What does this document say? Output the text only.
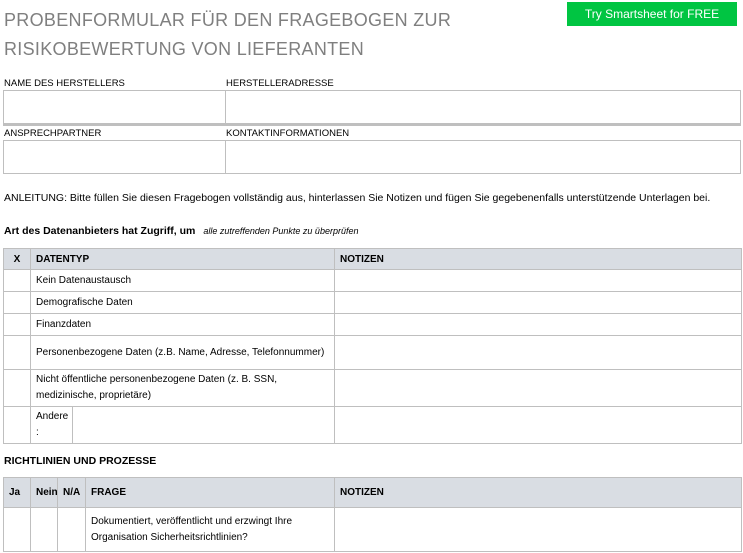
PROBENFORMULAR FÜR DEN FRAGEBOGEN ZUR RISIKOBEWERTUNG VON LIEFERANTEN
Try Smartsheet for FREE
NAME DES HERSTELLERS	HERSTELLERADRESSE
ANSPRECHPARTNER	KONTAKTINFORMATIONEN
ANLEITUNG: Bitte füllen Sie diesen Fragebogen vollständig aus, hinterlassen Sie Notizen und fügen Sie gegebenenfalls unterstützende Unterlagen bei.
Art des Datenanbieters hat Zugriff, um alle zutreffenden Punkte zu überprüfen
X	DATENTYP		NOTIZEN
	Kein Datenaustausch		
	Demografische Daten		
	Finanzdaten		
	Personenbezogene Daten (z.B. Name, Adresse, Telefonnummer)		
	Nicht öffentliche personenbezogene Daten (z. B. SSN, medizinische, proprietäre)		
	Andere :		
RICHTLINIEN UND PROZESSE
Ja	Nein	N/A	FRAGE	NOTIZEN
			Dokumentiert, veröffentlicht und erzwingt Ihre Organisation Sicherheitsrichtlinien?	
